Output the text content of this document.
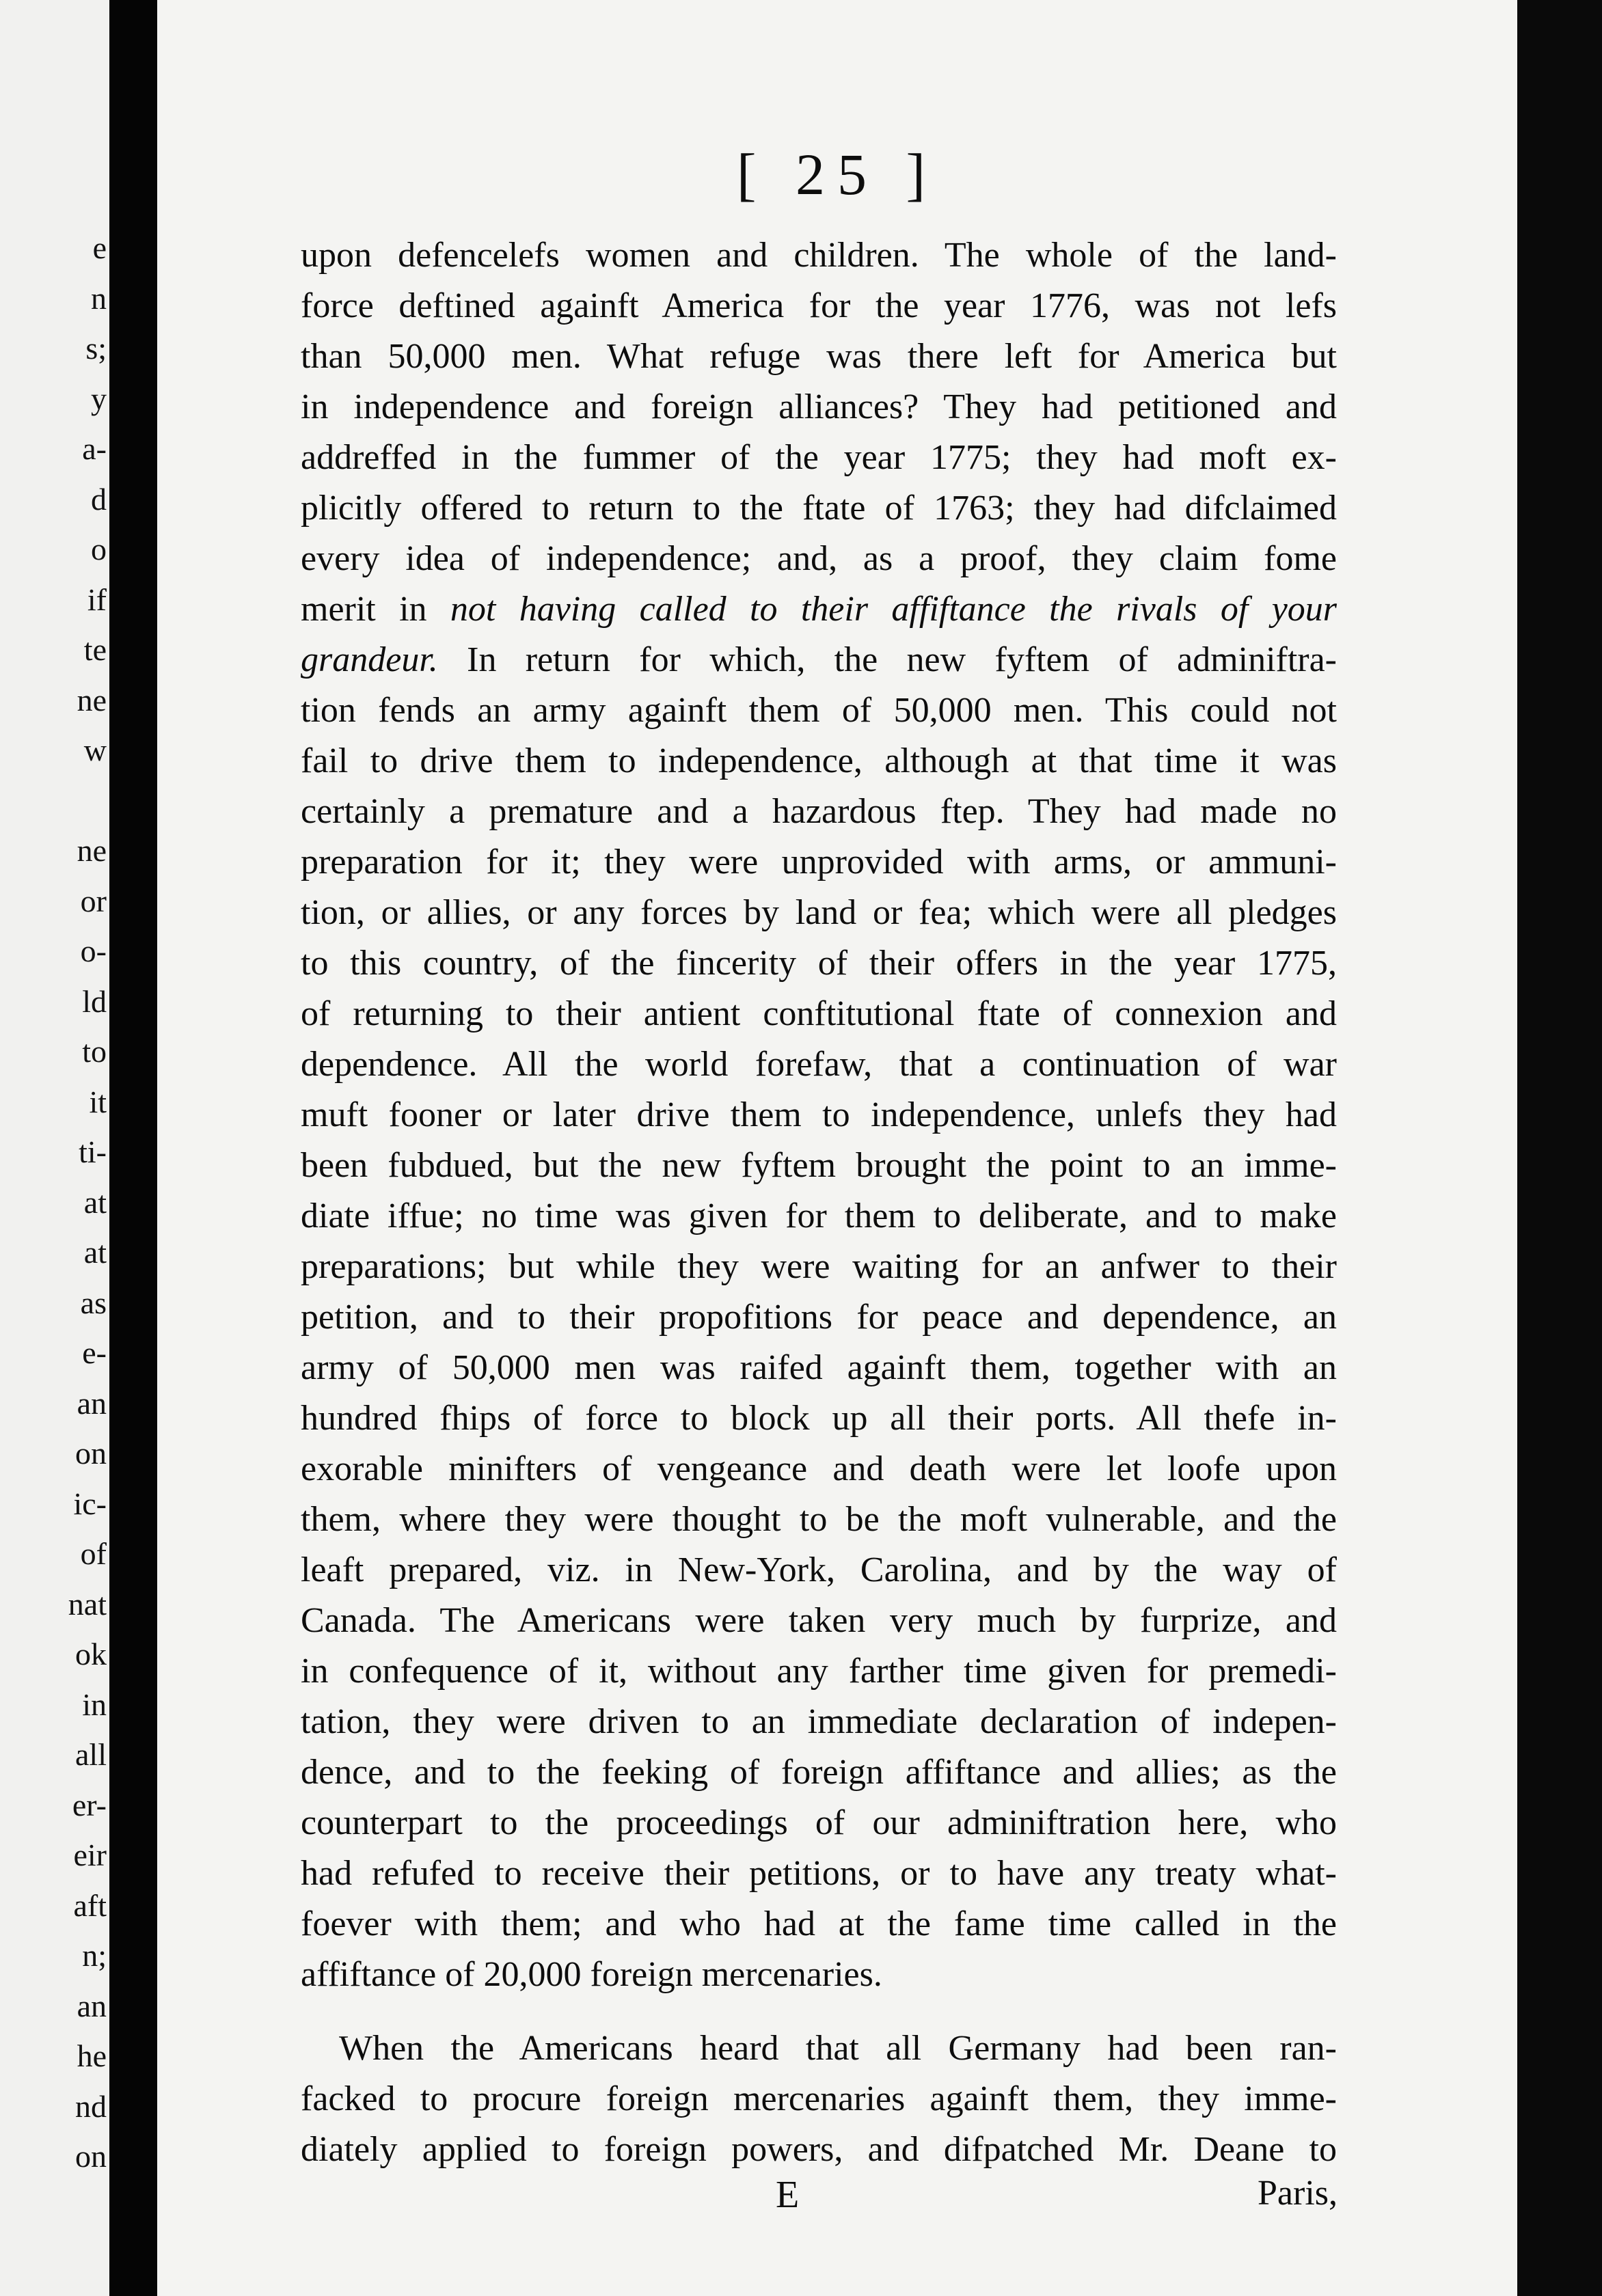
e
n
s;
y
a-
d
o
if
te
ne
w
ne
or
o-
ld
to
it
ti-
at
at
as
e-
an
on
ic-
of
nat
ok
in
all
er-
eir
aft
n;
an
he
nd
on
[ 25 ]
upon defencelefs women and children. The whole of the land-
force deftined againft America for the year 1776, was not lefs
than 50,000 men. What refuge was there left for America but
in independence and foreign alliances? They had petitioned and
addreffed in the fummer of the year 1775; they had moft ex-
plicitly offered to return to the ftate of 1763; they had difclaimed
every idea of independence; and, as a proof, they claim fome
merit in not having called to their affiftance the rivals of your
grandeur. In return for which, the new fyftem of adminiftra-
tion fends an army againft them of 50,000 men. This could not
fail to drive them to independence, although at that time it was
certainly a premature and a hazardous ftep. They had made no
preparation for it; they were unprovided with arms, or ammuni-
tion, or allies, or any forces by land or fea; which were all pledges
to this country, of the fincerity of their offers in the year 1775,
of returning to their antient conftitutional ftate of connexion and
dependence. All the world forefaw, that a continuation of war
muft fooner or later drive them to independence, unlefs they had
been fubdued, but the new fyftem brought the point to an imme-
diate iffue; no time was given for them to deliberate, and to make
preparations; but while they were waiting for an anfwer to their
petition, and to their propofitions for peace and dependence, an
army of 50,000 men was raifed againft them, together with an
hundred fhips of force to block up all their ports. All thefe in-
exorable minifters of vengeance and death were let loofe upon
them, where they were thought to be the moft vulnerable, and the
leaft prepared, viz. in New-York, Carolina, and by the way of
Canada. The Americans were taken very much by furprize, and
in confequence of it, without any farther time given for premedi-
tation, they were driven to an immediate declaration of indepen-
dence, and to the feeking of foreign affiftance and allies; as the
counterpart to the proceedings of our adminiftration here, who
had refufed to receive their petitions, or to have any treaty what-
foever with them; and who had at the fame time called in the
affiftance of 20,000 foreign mercenaries.
When the Americans heard that all Germany had been ran-
facked to procure foreign mercenaries againft them, they imme-
diately applied to foreign powers, and difpatched Mr. Deane to
E	Paris,
